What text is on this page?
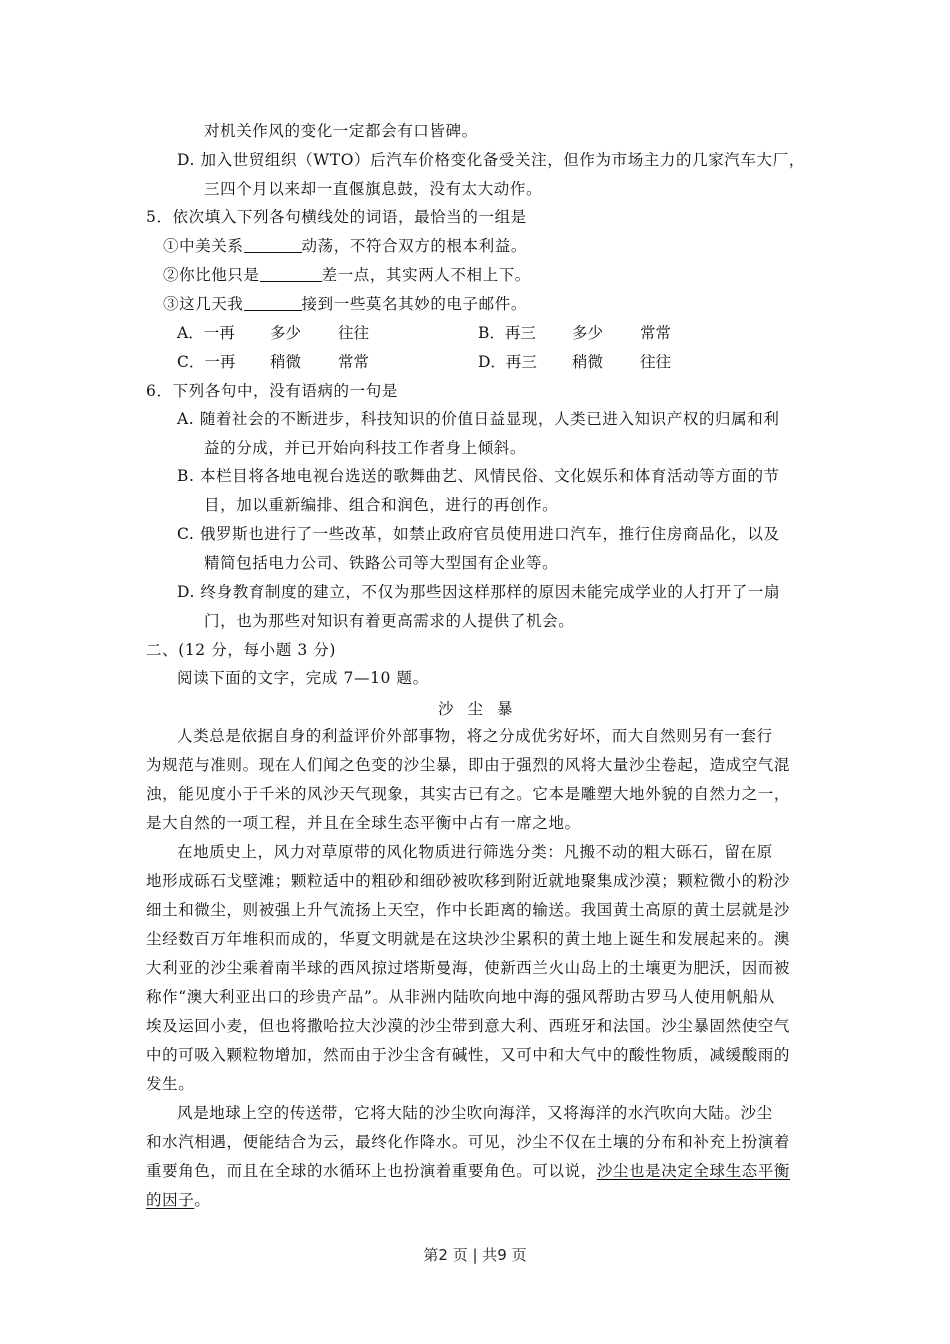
对机关作风的变化一定都会有口皆碑。
D. 加入世贸组织（WTO）后汽车价格变化备受关注，但作为市场主力的几家汽车大厂，
三四个月以来却一直偃旗息鼓，没有太大动作。
5．依次填入下列各句横线处的词语，最恰当的一组是
①中美关系	动荡，不符合双方的根本利益。
②你比他只是	差一点，其实两人不相上下。
③这几天我	接到一些莫名其妙的电子邮件。
A．一再 多少 往往	B．再三 多少 常常
C．一再 稍微 常常	D．再三 稍微 往往
6．下列各句中，没有语病的一句是
A. 随着社会的不断进步，科技知识的价值日益显现，人类已进入知识产权的归属和利
益的分成，并已开始向科技工作者身上倾斜。
B. 本栏目将各地电视台选送的歌舞曲艺、风情民俗、文化娱乐和体育活动等方面的节
目，加以重新编排、组合和润色，进行的再创作。
C. 俄罗斯也进行了一些改革，如禁止政府官员使用进口汽车，推行住房商品化，以及
精简包括电力公司、铁路公司等大型国有企业等。
D. 终身教育制度的建立，不仅为那些因这样那样的原因未能完成学业的人打开了一扇
门，也为那些对知识有着更高需求的人提供了机会。
二、(12 分，每小题 3 分)
阅读下面的文字，完成 7—10 题。
沙尘暴
人类总是依据自身的利益评价外部事物，将之分成优劣好坏，而大自然则另有一套行
为规范与准则。现在人们闻之色变的沙尘暴，即由于强烈的风将大量沙尘卷起，造成空气混
浊，能见度小于千米的风沙天气现象，其实古已有之。它本是雕塑大地外貌的自然力之一，
是大自然的一项工程，并且在全球生态平衡中占有一席之地。
在地质史上，风力对草原带的风化物质进行筛选分类：凡搬不动的粗大砾石，留在原
地形成砾石戈壁滩；颗粒适中的粗砂和细砂被吹移到附近就地聚集成沙漠；颗粒微小的粉沙
细土和微尘，则被强上升气流扬上天空，作中长距离的输送。我国黄土高原的黄土层就是沙
尘经数百万年堆积而成的，华夏文明就是在这块沙尘累积的黄土地上诞生和发展起来的。澳
大利亚的沙尘乘着南半球的西风掠过塔斯曼海，使新西兰火山岛上的土壤更为肥沃，因而被
称作“澳大利亚出口的珍贵产品”。从非洲内陆吹向地中海的强风帮助古罗马人使用帆船从
埃及运回小麦，但也将撒哈拉大沙漠的沙尘带到意大利、西班牙和法国。沙尘暴固然使空气
中的可吸入颗粒物增加，然而由于沙尘含有碱性，又可中和大气中的酸性物质，减缓酸雨的
发生。
风是地球上空的传送带，它将大陆的沙尘吹向海洋，又将海洋的水汽吹向大陆。沙尘
和水汽相遇，便能结合为云，最终化作降水。可见，沙尘不仅在土壤的分布和补充上扮演着
重要角色，而且在全球的水循环上也扮演着重要角色。可以说，沙尘也是决定全球生态平衡
的因子。
第2 页 | 共9 页
